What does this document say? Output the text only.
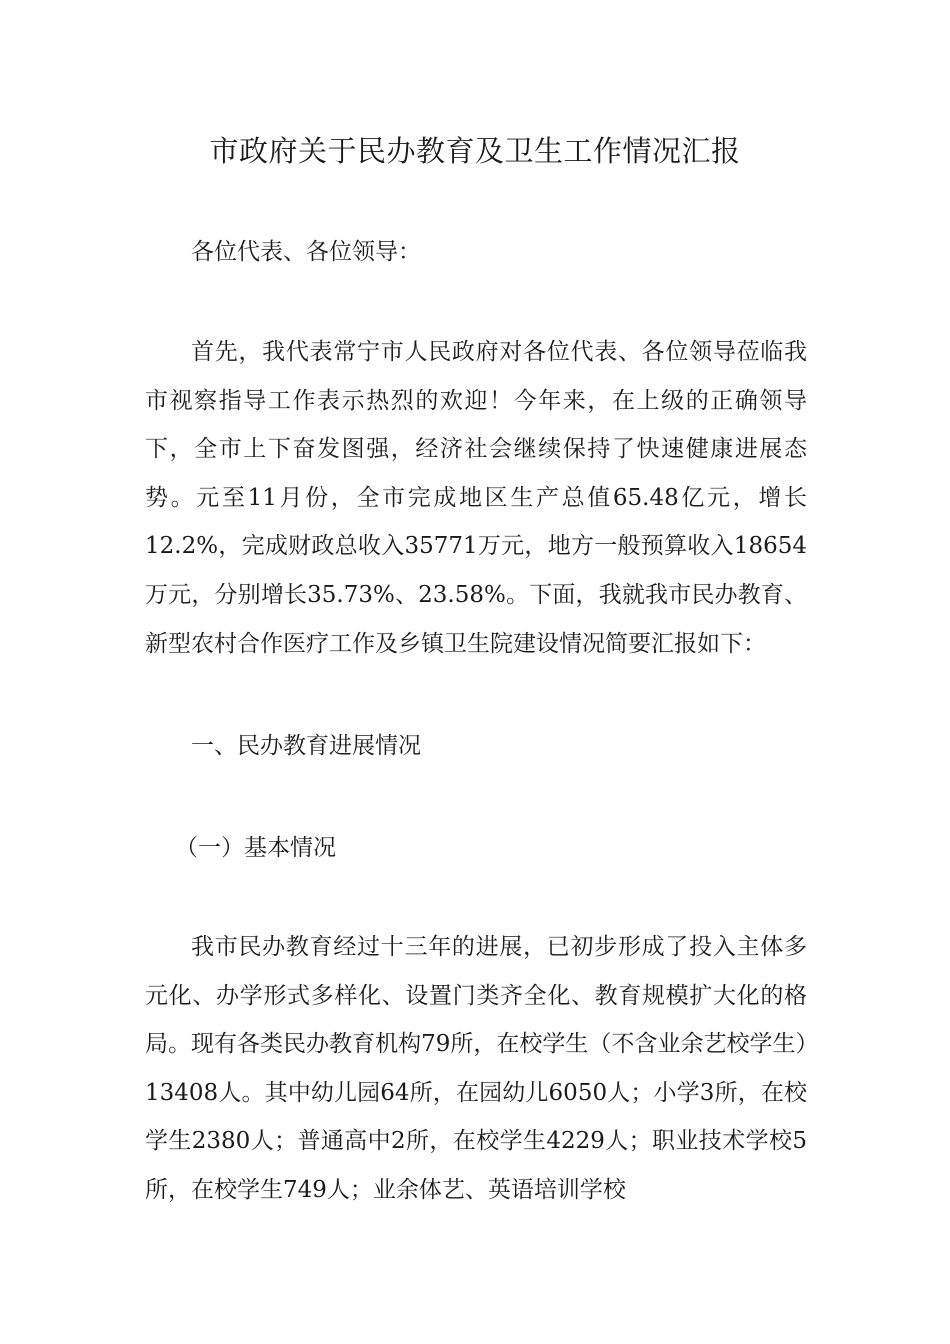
市政府关于民办教育及卫生工作情况汇报
各位代表、各位领导：
首先，我代表常宁市人民政府对各位代表、各位领导莅临我市视察指导工作表示热烈的欢迎！今年来，在上级的正确领导下，全市上下奋发图强，经济社会继续保持了快速健康进展态势。元至11月份，全市完成地区生产总值65.48亿元，增长12.2%，完成财政总收入35771万元，地方一般预算收入18654万元，分别增长35.73%、23.58%。下面，我就我市民办教育、新型农村合作医疗工作及乡镇卫生院建设情况简要汇报如下：
一、民办教育进展情况
（一）基本情况
我市民办教育经过十三年的进展，已初步形成了投入主体多元化、办学形式多样化、设置门类齐全化、教育规模扩大化的格局。现有各类民办教育机构79所，在校学生（不含业余艺校学生）13408人。其中幼儿园64所，在园幼儿6050人；小学3所，在校学生2380人；普通高中2所，在校学生4229人；职业技术学校5所，在校学生749人；业余体艺、英语培训学校
